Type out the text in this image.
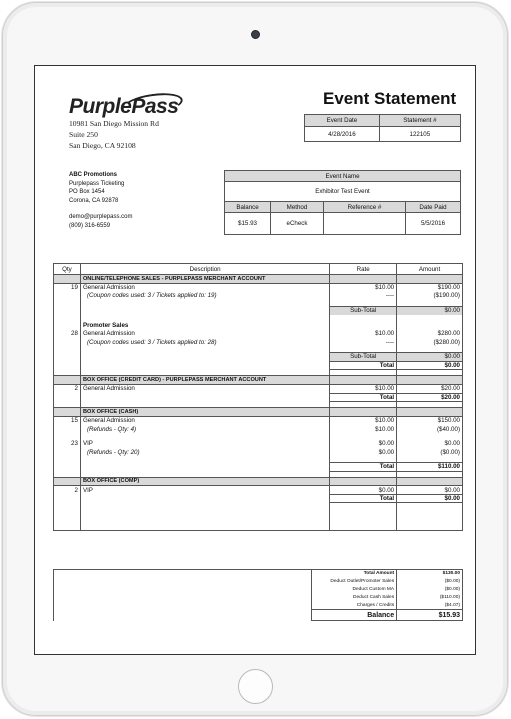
PurplePass
10981 San Diego Mission Rd
Suite 250
San Diego, CA 92108
Event Statement
Event Date	Statement #
4/28/2016	122105
ABC Promotions
Purplepass Ticketing
PO Box 1454
Corona, CA 92878
demo@purplepass.com
(809) 316-6559
Event Name			
Exhibitor Test Event			
Balance	Method	Reference #	Date Paid
$15.93	eCheck		5/5/2016
Qty	Description	Rate	Amount
	ONLINE/TELEPHONE SALES - PURPLEPASS MERCHANT ACCOUNT		
19	General Admission	$10.00	$190.00
	(Coupon codes used: 3 / Tickets applied to: 19)	----	($190.00)

		Sub-Total	$0.00

	Promoter Sales		
28	General Admission	$10.00	$280.00
	(Coupon codes used: 3 / Tickets applied to: 28)	----	($280.00)

		Sub-Total	$0.00
		Total	$0.00

	BOX OFFICE (CREDIT CARD) - PURPLEPASS MERCHANT ACCOUNT		
2	General Admission	$10.00	$20.00
		Total	$20.00

	BOX OFFICE (CASH)		
15	General Admission	$10.00	$150.00
	(Refunds - Qty: 4)	$10.00	($40.00)

23	VIP	$0.00	$0.00
	(Refunds - Qty: 20)	$0.00	($0.00)

		Total	$110.00

	BOX OFFICE (COMP)		
2	VIP	$0.00	$0.00
		Total	$0.00

	Total Amount	$130.00
	Deduct Outlet/Promoter Sales	($0.00)
	Deduct Custom MA	($0.00)
	Deduct Cash Sales	($110.00)
	Charges / Credits	($4.07)
	Balance	$15.93
